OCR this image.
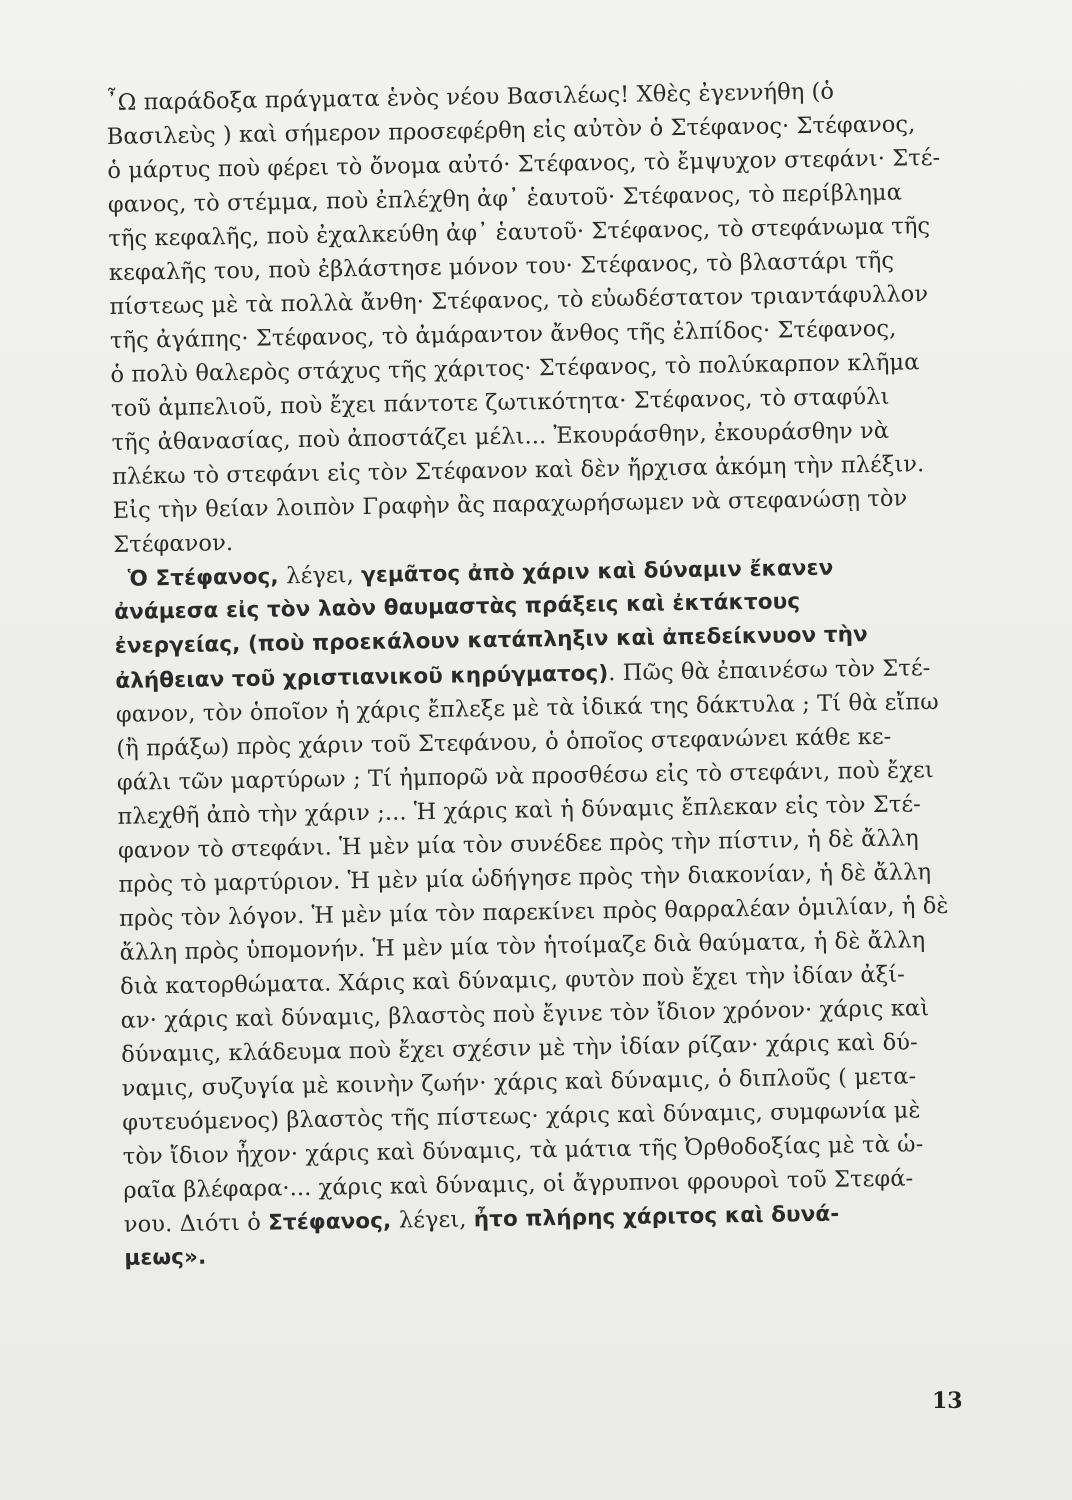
῏Ω παράδοξα πράγματα ἑνὸς νέου Βασιλέως! Χθὲς ἐγεννήθη (ὁ
Βασιλεὺς ) καὶ σήμερον προσεφέρθη εἰς αὐτὸν ὁ Στέφανος· Στέφανος,
ὁ μάρτυς ποὺ φέρει τὸ ὄνομα αὐτό· Στέφανος, τὸ ἔμψυχον στεφάνι· Στέ-
φανος, τὸ στέμμα, ποὺ ἐπλέχθη ἀφ᾿ ἑαυτοῦ· Στέφανος, τὸ περίβλημα
τῆς κεφαλῆς, ποὺ ἐχαλκεύθη ἀφ᾿ ἑαυτοῦ· Στέφανος, τὸ στεφάνωμα τῆς
κεφαλῆς του, ποὺ ἐβλάστησε μόνον του· Στέφανος, τὸ βλαστάρι τῆς
πίστεως μὲ τὰ πολλὰ ἄνθη· Στέφανος, τὸ εὐωδέστατον τριαντάφυλλον
τῆς ἀγάπης· Στέφανος, τὸ ἀμάραντον ἄνθος τῆς ἐλπίδος· Στέφανος,
ὁ πολὺ θαλερὸς στάχυς τῆς χάριτος· Στέφανος, τὸ πολύκαρπον κλῆμα
τοῦ ἀμπελιοῦ, ποὺ ἔχει πάντοτε ζωτικότητα· Στέφανος, τὸ σταφύλι
τῆς ἀθανασίας, ποὺ ἀποστάζει μέλι... Ἐκουράσθην, ἐκουράσθην νὰ
πλέκω τὸ στεφάνι εἰς τὸν Στέφανον καὶ δὲν ἤρχισα ἀκόμη τὴν πλέξιν.
Εἰς τὴν θείαν λοιπὸν Γραφὴν ἂς παραχωρήσωμεν νὰ στεφανώσῃ τὸν
Στέφανον.
Ὁ Στέφανος, λέγει, γεμᾶτος ἀπὸ χάριν καὶ δύναμιν ἔκανεν
ἀνάμεσα εἰς τὸν λαὸν θαυμαστὰς πράξεις καὶ ἐκτάκτους
ἐνεργείας, (ποὺ προεκάλουν κατάπληξιν καὶ ἀπεδείκνυον τὴν
ἀλήθειαν τοῦ χριστιανικοῦ κηρύγματος). Πῶς θὰ ἐπαινέσω τὸν Στέ-
φανον, τὸν ὁποῖον ἡ χάρις ἔπλεξε μὲ τὰ ἰδικά της δάκτυλα ; Τί θὰ εἴπω
(ἢ πράξω) πρὸς χάριν τοῦ Στεφάνου, ὁ ὁποῖος στεφανώνει κάθε κε-
φάλι τῶν μαρτύρων ; Τί ἠμπορῶ νὰ προσθέσω εἰς τὸ στεφάνι, ποὺ ἔχει
πλεχθῆ ἀπὸ τὴν χάριν ;... Ἡ χάρις καὶ ἡ δύναμις ἔπλεκαν εἰς τὸν Στέ-
φανον τὸ στεφάνι. Ἡ μὲν μία τὸν συνέδεε πρὸς τὴν πίστιν, ἡ δὲ ἄλλη
πρὸς τὸ μαρτύριον. Ἡ μὲν μία ὡδήγησε πρὸς τὴν διακονίαν, ἡ δὲ ἄλλη
πρὸς τὸν λόγον. Ἡ μὲν μία τὸν παρεκίνει πρὸς θαρραλέαν ὁμιλίαν, ἡ δὲ
ἄλλη πρὸς ὑπομονήν. Ἡ μὲν μία τὸν ἡτοίμαζε διὰ θαύματα, ἡ δὲ ἄλλη
διὰ κατορθώματα. Χάρις καὶ δύναμις, φυτὸν ποὺ ἔχει τὴν ἰδίαν ἀξί-
αν· χάρις καὶ δύναμις, βλαστὸς ποὺ ἔγινε τὸν ἴδιον χρόνον· χάρις καὶ
δύναμις, κλάδευμα ποὺ ἔχει σχέσιν μὲ τὴν ἰδίαν ρίζαν· χάρις καὶ δύ-
ναμις, συζυγία μὲ κοινὴν ζωήν· χάρις καὶ δύναμις, ὁ διπλοῦς ( μετα-
φυτευόμενος) βλαστὸς τῆς πίστεως· χάρις καὶ δύναμις, συμφωνία μὲ
τὸν ἴδιον ἦχον· χάρις καὶ δύναμις, τὰ μάτια τῆς Ὀρθοδοξίας μὲ τὰ ὡ-
ραῖα βλέφαρα·... χάρις καὶ δύναμις, οἱ ἄγρυπνοι φρουροὶ τοῦ Στεφά-
νου. Διότι ὁ Στέφανος, λέγει, ἦτο πλήρης χάριτος καὶ δυνά-
μεως».
13
